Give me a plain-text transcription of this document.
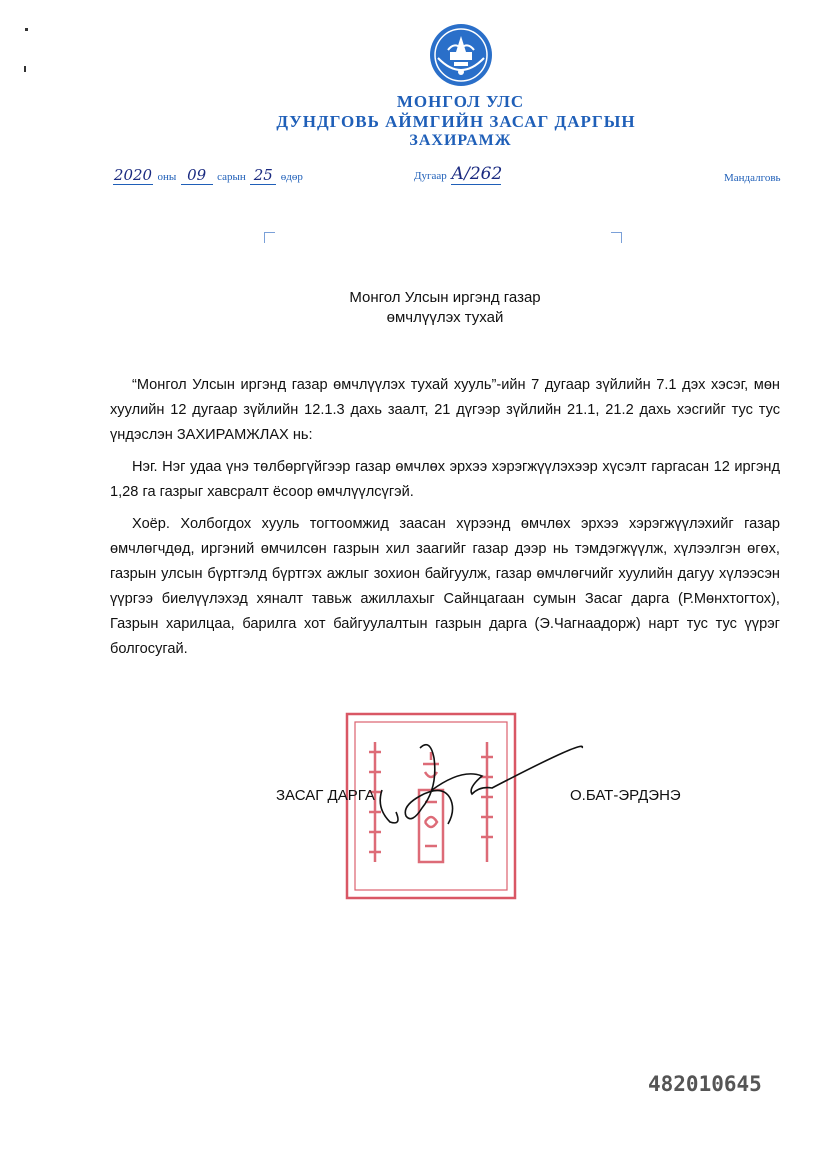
МОНГОЛ УЛС
ДУНДГОВЬ АЙМГИЙН ЗАСАГ ДАРГЫН
ЗАХИРАМЖ
2020 оны 09 сарын 25 өдөр	Дугаар А/262	Мандалговь
Монгол Улсын иргэнд газар
өмчлүүлэх тухай

“Монгол Улсын иргэнд газар өмчлүүлэх тухай хууль”-ийн 7 дугаар зүйлийн 7.1 дэх хэсэг, мөн хуулийн 12 дугаар зүйлийн 12.1.3 дахь заалт, 21 дүгээр зүйлийн 21.1, 21.2 дахь хэсгийг тус тус үндэслэн ЗАХИРАМЖЛАХ нь:

Нэг. Нэг удаа үнэ төлбөргүйгээр газар өмчлөх эрхээ хэрэгжүүлэхээр хүсэлт гаргасан 12 иргэнд 1,28 га газрыг хавсралт ёсоор өмчлүүлсүгэй.

Хоёр. Холбогдох хууль тогтоомжид заасан хүрээнд өмчлөх эрхээ хэрэгжүүлэхийг газар өмчлөгчдөд, иргэний өмчилсөн газрын хил заагийг газар дээр нь тэмдэгжүүлж, хүлээлгэн өгөх, газрын улсын бүртгэлд бүртгэх ажлыг зохион байгуулж, газар өмчлөгчийг хуулийн дагуу хүлээсэн үүргээ биелүүлэхэд хяналт тавьж ажиллахыг Сайнцагаан сумын Засаг дарга (Р.Мөнхтогтох), Газрын харилцаа, барилга хот байгуулалтын газрын дарга (Э.Чагнаадорж) нарт тус тус үүрэг болгосугай.

ЗАСАГ ДАРГА	О.БАТ-ЭРДЭНЭ
482010645
